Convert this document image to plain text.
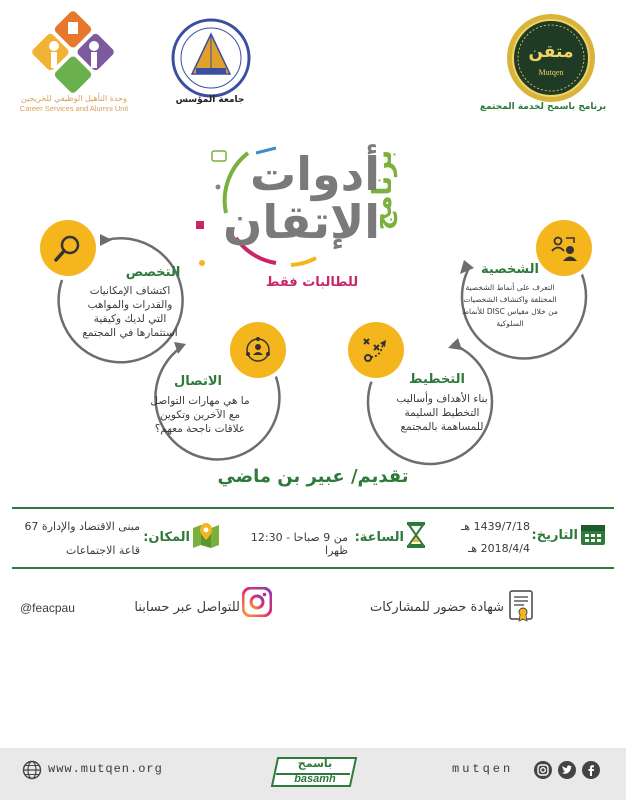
وحدة التأهيل الوظيفي للخريجين
Career Services and Alumni Unit
جامعة المؤسس
متقن
Mutqen
برنامج باسمح لخدمة المجتمع
برنامج
أدوات الإتقان
للطالبات فقط
التخصص
اكتشاف الإمكانيات والقدرات والمواهب التي لديك وكيفية استثمارها في المجتمع
الشخصية
التعرف على أنماط الشخصية المختلفة واكتشاف الشخصيات من خلال مقياس DISC للأنماط السلوكية
الاتصال
ما هي مهارات التواصل مع الآخرين وتكوين علاقات ناجحة معهم؟
التخطيط
بناء الأهداف وأساليب التخطيط السليمة للمساهمة بالمجتمع
تقديم/ عبير بن ماضي
التاريخ:
1439/7/18 هـ
2018/4/4 هـ
الساعة:
من 9 صباحا - 12:30 ظهرا
المكان:
مبنى الاقتصاد والإدارة 67
قاعة الاجتماعات
شهادة حضور للمشاركات
للتواصل عبر حسابنا
@feacpau
www.mutqen.org	باسمح
basamh
mutqen
